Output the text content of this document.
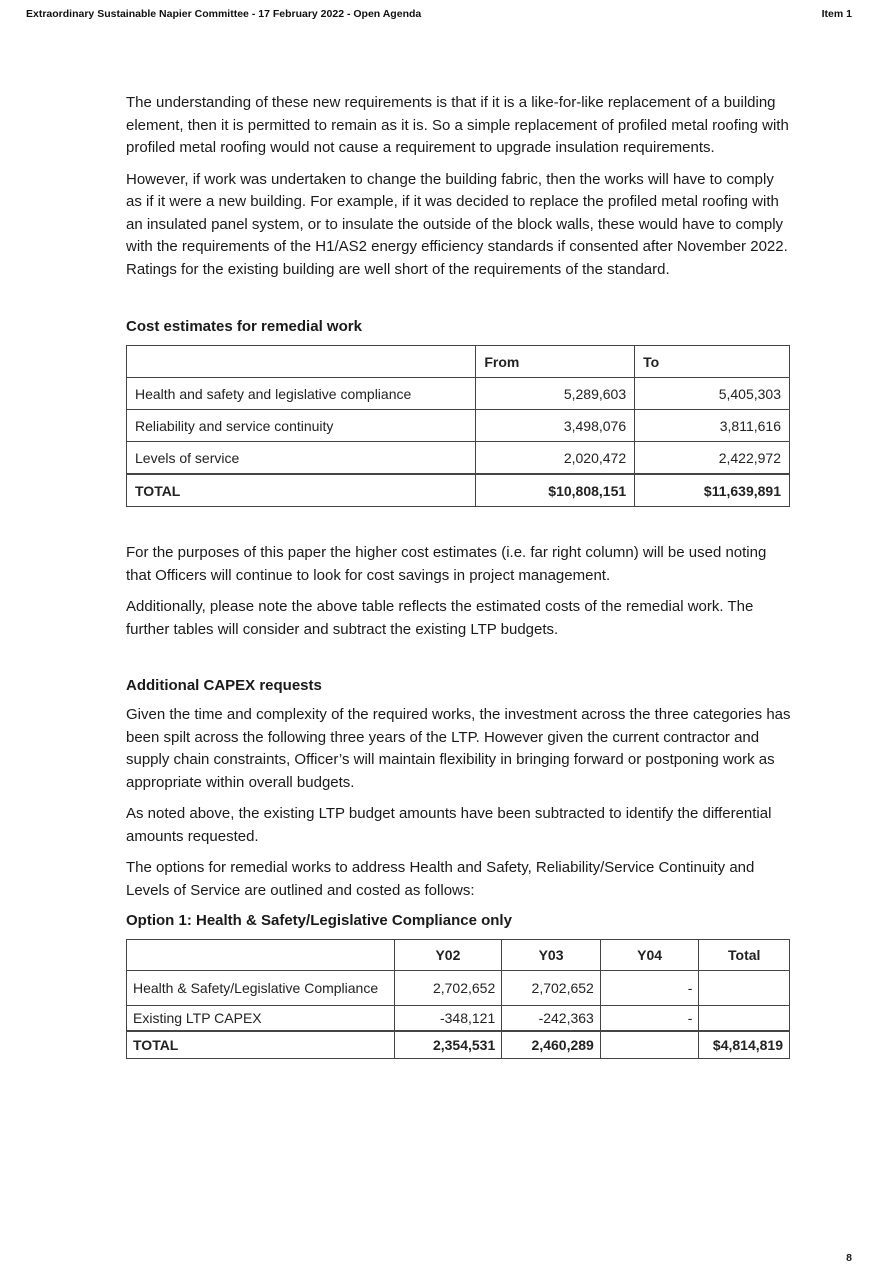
Extraordinary Sustainable Napier Committee - 17 February 2022 - Open Agenda	Item 1

The understanding of these new requirements is that if it is a like-for-like replacement of a building element, then it is permitted to remain as it is. So a simple replacement of profiled metal roofing with profiled metal roofing would not cause a requirement to upgrade insulation requirements.

However, if work was undertaken to change the building fabric, then the works will have to comply as if it were a new building. For example, if it was decided to replace the profiled metal roofing with an insulated panel system, or to insulate the outside of the block walls, these would have to comply with the requirements of the H1/AS2 energy efficiency standards if consented after November 2022. Ratings for the existing building are well short of the requirements of the standard.

Cost estimates for remedial work
	From	To
Health and safety and legislative compliance	5,289,603	5,405,303
Reliability and service continuity	3,498,076	3,811,616
Levels of service	2,020,472	2,422,972
TOTAL	$10,808,151	$11,639,891

For the purposes of this paper the higher cost estimates (i.e. far right column) will be used noting that Officers will continue to look for cost savings in project management.

Additionally, please note the above table reflects the estimated costs of the remedial work. The further tables will consider and subtract the existing LTP budgets.

Additional CAPEX requests

Given the time and complexity of the required works, the investment across the three categories has been spilt across the following three years of the LTP. However given the current contractor and supply chain constraints, Officer’s will maintain flexibility in bringing forward or postponing work as appropriate within overall budgets.

As noted above, the existing LTP budget amounts have been subtracted to identify the differential amounts requested.

The options for remedial works to address Health and Safety, Reliability/Service Continuity and Levels of Service are outlined and costed as follows:

Option 1: Health & Safety/Legislative Compliance only
	Y02	Y03	Y04	Total
Health & Safety/Legislative Compliance	2,702,652	2,702,652	-	
Existing LTP CAPEX	-348,121	-242,363	-	
TOTAL	2,354,531	2,460,289		$4,814,819
8
